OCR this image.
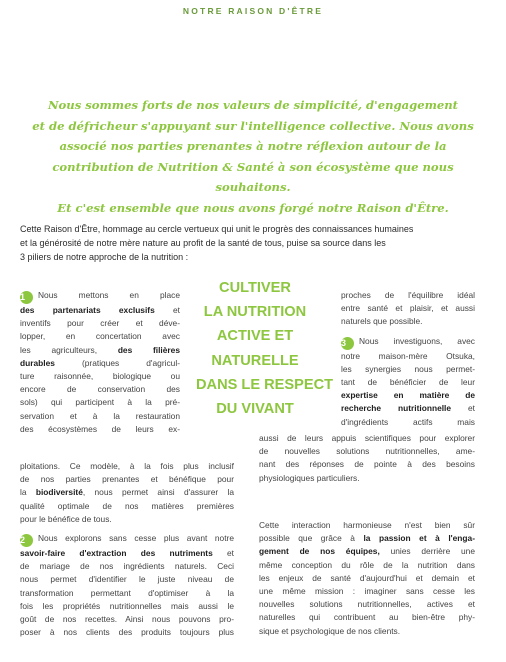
NOTRE RAISON D'ÊTRE

Nous sommes forts de nos valeurs de simplicité, d'engagement
et de défricheur s'appuyant sur l'intelligence collective. Nous avons
associé nos parties prenantes à notre réflexion autour de la
contribution de Nutrition & Santé à son écosystème que nous souhaitons.
Et c'est ensemble que nous avons forgé notre Raison d'Être.

Cette Raison d'Être, hommage au cercle vertueux qui unit le progrès des connaissances humaines
et la générosité de notre mère nature au profit de la santé de tous, puise sa source dans les
3 piliers de notre approche de la nutrition :

CULTIVER
LA NUTRITION
ACTIVE ET
NATURELLE
DANS LE RESPECT
DU VIVANT
1 Nous mettons en place
des partenariats exclusifs et
inventifs pour créer et déve-
lopper, en concertation avec
les agriculteurs, des filières
durables (pratiques d'agricul-
ture raisonnée, biologique ou
encore de conservation des
sols) qui participent à la pré-
servation et à la restauration
des écosystèmes de leurs ex-
ploitations. Ce modèle, à la fois plus inclusif
de nos parties prenantes et bénéfique pour
la biodiversité, nous permet ainsi d'assurer la
qualité optimale de nos matières premières
pour le bénéfice de tous.
2 Nous explorons sans cesse plus avant notre
savoir-faire d'extraction des nutriments et
de mariage de nos ingrédients naturels. Ceci
nous permet d'identifier le juste niveau de
transformation permettant d'optimiser à la
fois les propriétés nutritionnelles mais aussi le
goût de nos recettes. Ainsi nous pouvons pro-
poser à nos clients des produits toujours plus
proches de l'équilibre idéal
entre santé et plaisir, et aussi
naturels que possible.
3 Nous investiguons, avec
notre maison-mère Otsuka,
les synergies nous permet-
tant de bénéficier de leur
expertise en matière de
recherche nutritionnelle et
d'ingrédients actifs mais
aussi de leurs appuis scientifiques pour explorer
de nouvelles solutions nutritionnelles, ame-
nant des réponses de pointe à des besoins
physiologiques particuliers.
Cette interaction harmonieuse n'est bien sûr
possible que grâce à la passion et à l'enga-
gement de nos équipes, unies derrière une
même conception du rôle de la nutrition dans
les enjeux de santé d'aujourd'hui et demain et
une même mission : imaginer sans cesse les
nouvelles solutions nutritionnelles, actives et
naturelles qui contribuent au bien-être phy-
sique et psychologique de nos clients.
